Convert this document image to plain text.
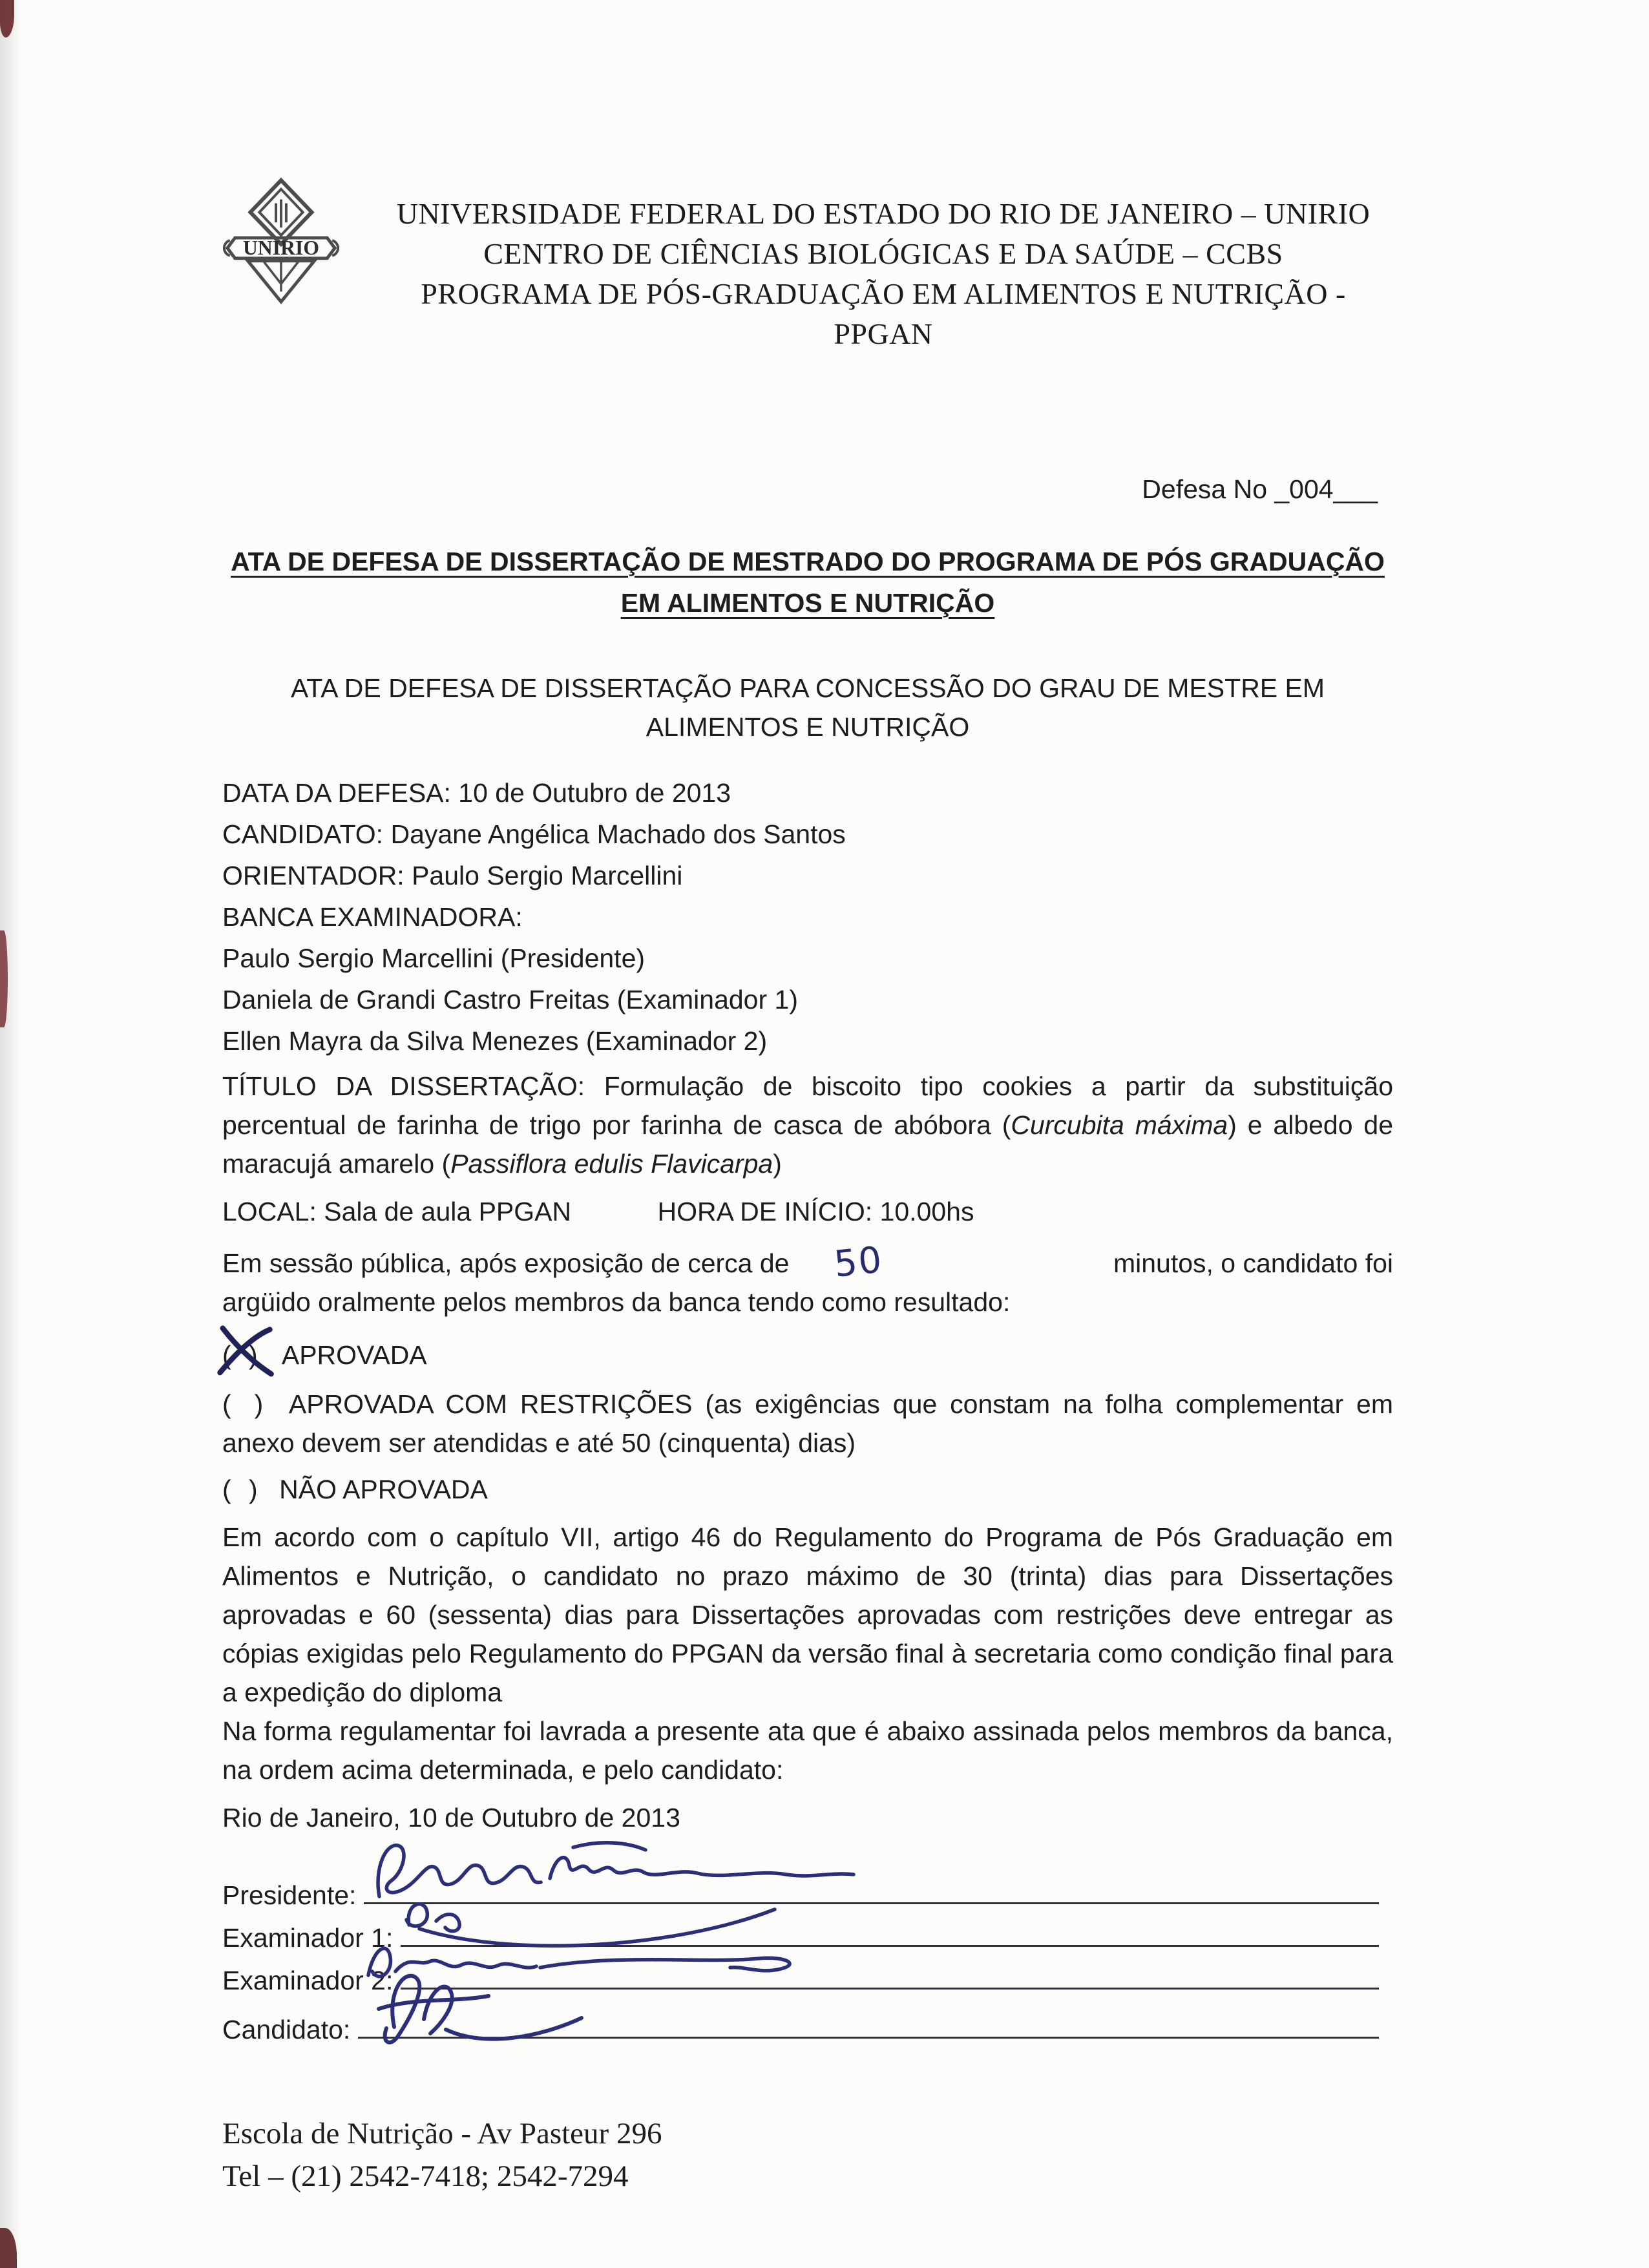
UNIRIO
UNIVERSIDADE FEDERAL DO ESTADO DO RIO DE JANEIRO – UNIRIO
CENTRO DE CIÊNCIAS BIOLÓGICAS E DA SAÚDE – CCBS
PROGRAMA DE PÓS-GRADUAÇÃO EM ALIMENTOS E NUTRIÇÃO - PPGAN
Defesa No _004___
ATA DE DEFESA DE DISSERTAÇÃO DE MESTRADO DO PROGRAMA DE PÓS GRADUAÇÃO
EM ALIMENTOS E NUTRIÇÃO
ATA DE DEFESA DE DISSERTAÇÃO PARA CONCESSÃO DO GRAU DE MESTRE EM
ALIMENTOS E NUTRIÇÃO
DATA DA DEFESA: 10 de Outubro de 2013
CANDIDATO: Dayane Angélica Machado dos Santos
ORIENTADOR: Paulo Sergio Marcellini
BANCA EXAMINADORA:
Paulo Sergio Marcellini (Presidente)
Daniela de Grandi Castro Freitas (Examinador 1)
Ellen Mayra da Silva Menezes (Examinador 2)

TÍTULO DA DISSERTAÇÃO: Formulação de biscoito tipo cookies a partir da substituição percentual de farinha de trigo por farinha de casca de abóbora (Curcubita máxima) e albedo de maracujá amarelo (Passiflora edulis Flavicarpa)

LOCAL: Sala de aula PPGAN	HORA DE INÍCIO: 10.00hs
Em sessão pública, após exposição de cerca de 50	minutos, o candidato foi
argüido oralmente pelos membros da banca tendo como resultado:
( ) APROVADA
( ) APROVADA COM RESTRIÇÕES (as exigências que constam na folha complementar em anexo devem ser atendidas e até 50 (cinquenta) dias)
( ) NÃO APROVADA

Em acordo com o capítulo VII, artigo 46 do Regulamento do Programa de Pós Graduação em Alimentos e Nutrição, o candidato no prazo máximo de 30 (trinta) dias para Dissertações aprovadas e 60 (sessenta) dias para Dissertações aprovadas com restrições deve entregar as cópias exigidas pelo Regulamento do PPGAN da versão final à secretaria como condição final para a expedição do diploma

Na forma regulamentar foi lavrada a presente ata que é abaixo assinada pelos membros da banca, na ordem acima determinada, e pelo candidato:

Rio de Janeiro, 10 de Outubro de 2013
Presidente:
Examinador 1:
Examinador 2:
Candidato:
Escola de Nutrição - Av Pasteur 296
Tel – (21) 2542-7418; 2542-7294
